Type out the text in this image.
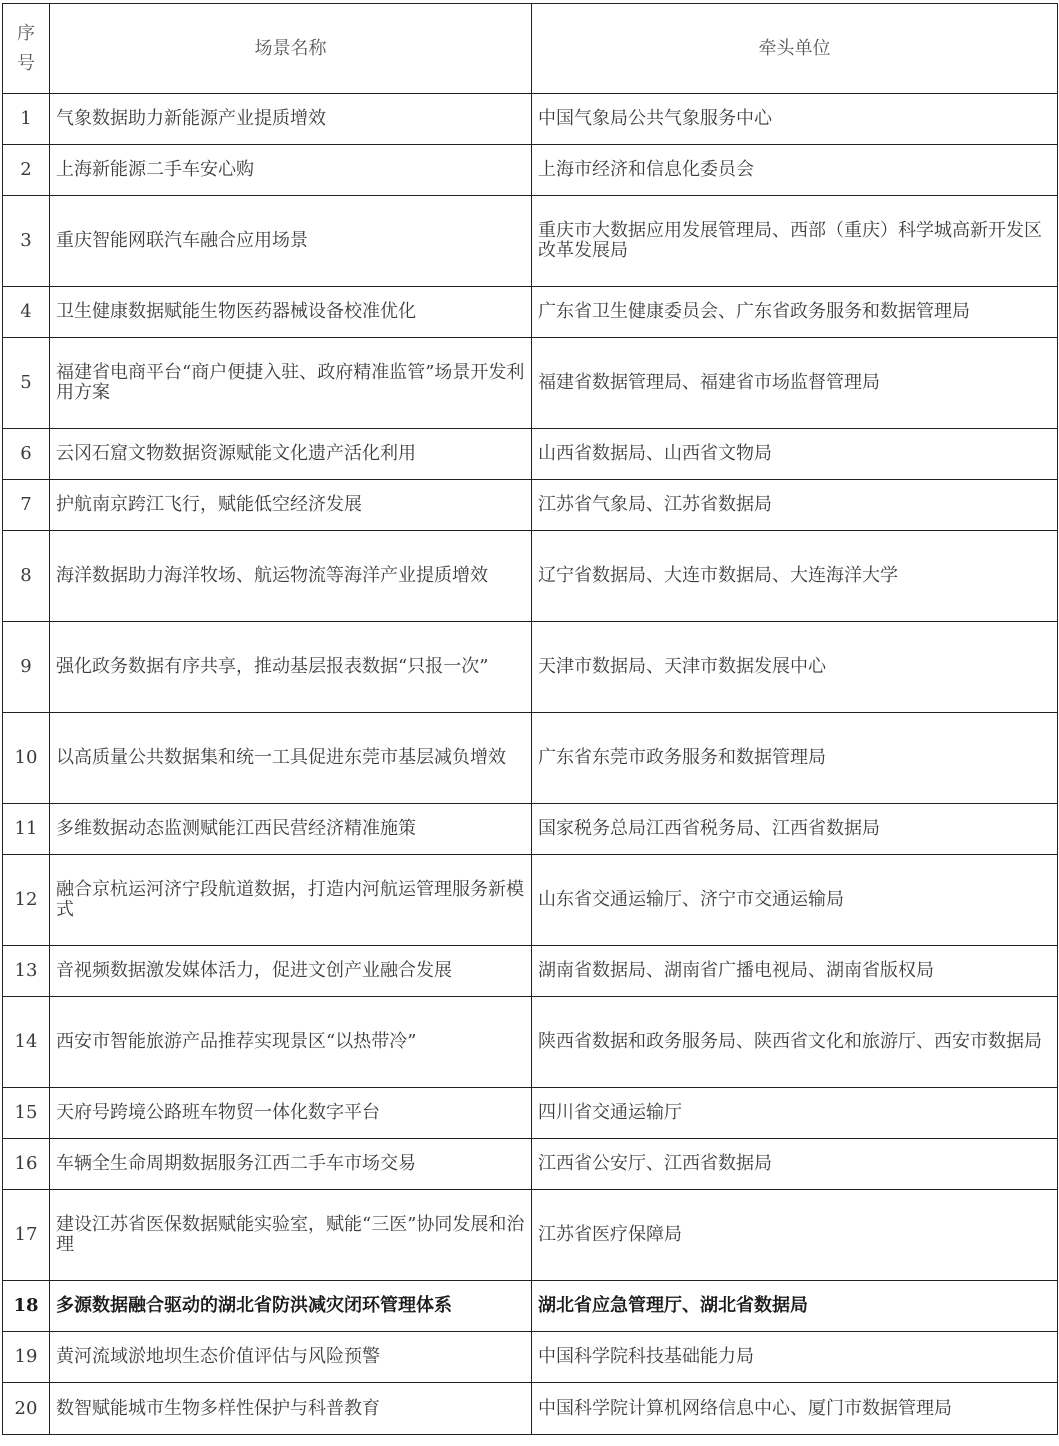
序号	场景名称	牵头单位
1	气象数据助力新能源产业提质增效	中国气象局公共气象服务中心
2	上海新能源二手车安心购	上海市经济和信息化委员会
3	重庆智能网联汽车融合应用场景	重庆市大数据应用发展管理局、西部（重庆）科学城高新开发区改革发展局
4	卫生健康数据赋能生物医药器械设备校准优化	广东省卫生健康委员会、广东省政务服务和数据管理局
5	福建省电商平台“商户便捷入驻、政府精准监管”场景开发利用方案	福建省数据管理局、福建省市场监督管理局
6	云冈石窟文物数据资源赋能文化遗产活化利用	山西省数据局、山西省文物局
7	护航南京跨江飞行，赋能低空经济发展	江苏省气象局、江苏省数据局
8	海洋数据助力海洋牧场、航运物流等海洋产业提质增效	辽宁省数据局、大连市数据局、大连海洋大学
9	强化政务数据有序共享，推动基层报表数据“只报一次”	天津市数据局、天津市数据发展中心
10	以高质量公共数据集和统一工具促进东莞市基层减负增效	广东省东莞市政务服务和数据管理局
11	多维数据动态监测赋能江西民营经济精准施策	国家税务总局江西省税务局、江西省数据局
12	融合京杭运河济宁段航道数据，打造内河航运管理服务新模式	山东省交通运输厅、济宁市交通运输局
13	音视频数据激发媒体活力，促进文创产业融合发展	湖南省数据局、湖南省广播电视局、湖南省版权局
14	西安市智能旅游产品推荐实现景区“以热带冷”	陕西省数据和政务服务局、陕西省文化和旅游厅、西安市数据局
15	天府号跨境公路班车物贸一体化数字平台	四川省交通运输厅
16	车辆全生命周期数据服务江西二手车市场交易	江西省公安厅、江西省数据局
17	建设江苏省医保数据赋能实验室，赋能“三医”协同发展和治理	江苏省医疗保障局
18	多源数据融合驱动的湖北省防洪减灾闭环管理体系	湖北省应急管理厅、湖北省数据局
19	黄河流域淤地坝生态价值评估与风险预警	中国科学院科技基础能力局
20	数智赋能城市生物多样性保护与科普教育	中国科学院计算机网络信息中心、厦门市数据管理局
